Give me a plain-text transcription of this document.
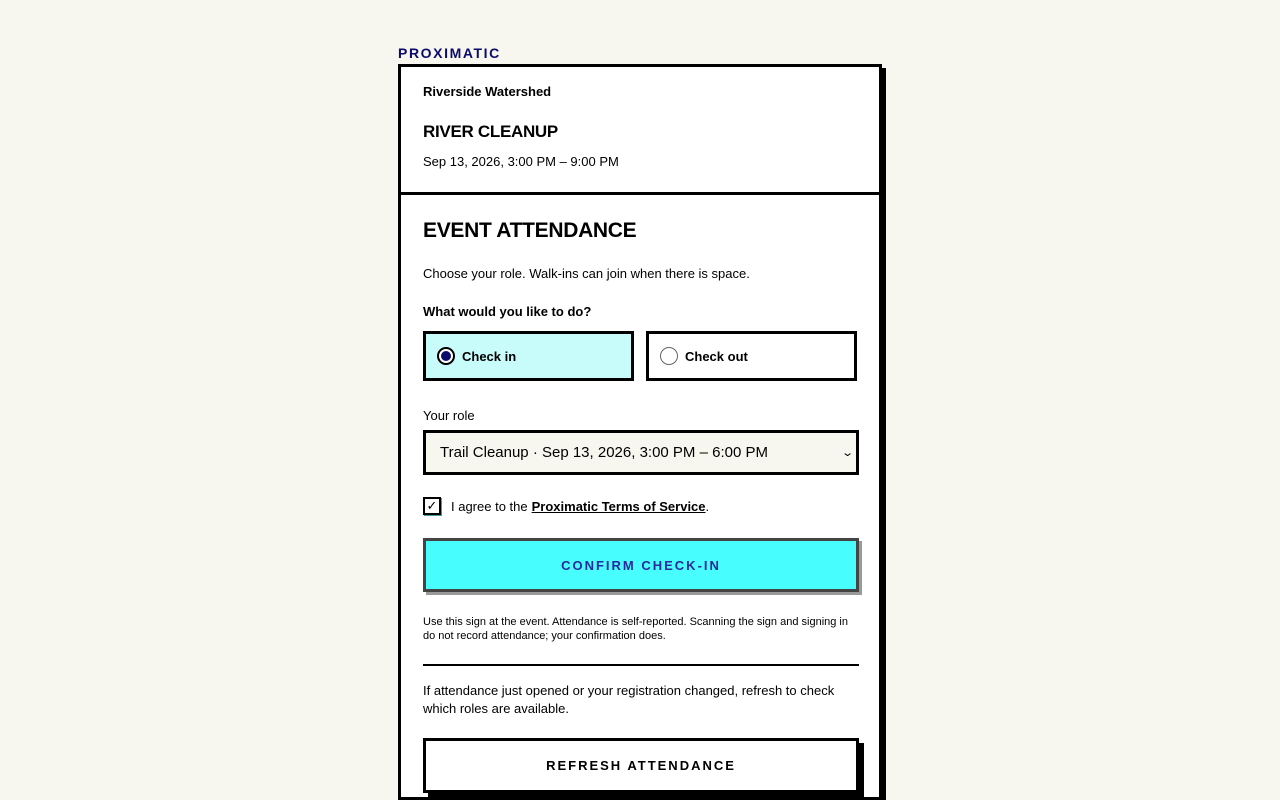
PROXIMATIC
Riverside Watershed
RIVER CLEANUP
Sep 13, 2026, 3:00 PM – 9:00 PM
EVENT ATTENDANCE
Choose your role. Walk-ins can join when there is space.
What would you like to do?
Check in	Check out
Your role
Trail Cleanup · Sep 13, 2026, 3:00 PM – 6:00 PM	⌄
✓ I agree to the Proximatic Terms of Service .
CONFIRM CHECK-IN
Use this sign at the event. Attendance is self-reported. Scanning the sign and signing in do not record attendance; your confirmation does.
If attendance just opened or your registration changed, refresh to check which roles are available.
REFRESH ATTENDANCE
